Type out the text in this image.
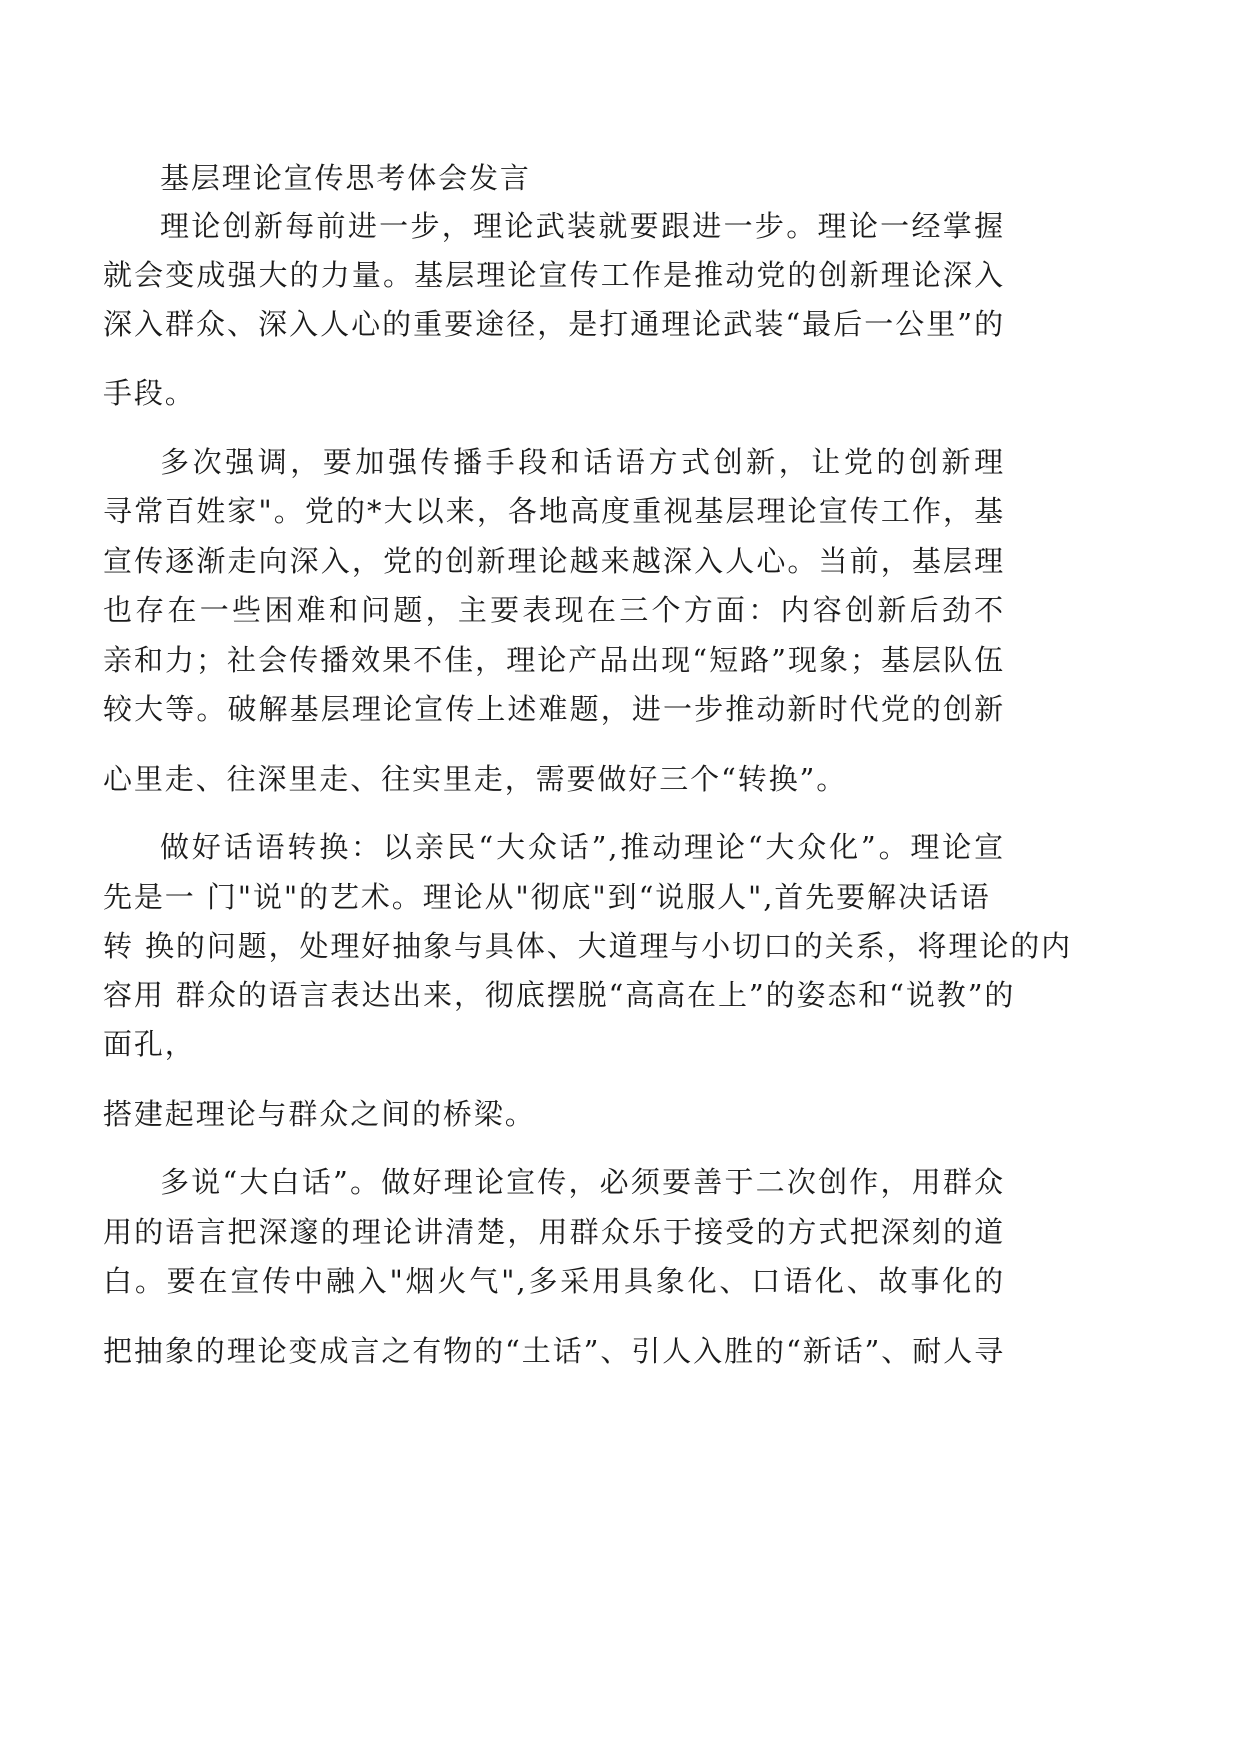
基层理论宣传思考体会发言
理论创新每前进一步，理论武装就要跟进一步。理论一经掌握
就会变成强大的力量。基层理论宣传工作是推动党的创新理论深入
深入群众、深入人心的重要途径，是打通理论武装“最后一公里”的
手段。
多次强调，要加强传播手段和话语方式创新，让党的创新理
寻常百姓家"。党的*大以来，各地高度重视基层理论宣传工作，基
宣传逐渐走向深入，党的创新理论越来越深入人心。当前，基层理
也存在一些困难和问题，主要表现在三个方面：内容创新后劲不
亲和力；社会传播效果不佳，理论产品出现“短路”现象；基层队伍
较大等。破解基层理论宣传上述难题，进一步推动新时代党的创新
心里走、往深里走、往实里走，需要做好三个“转换”。
做好话语转换：以亲民“大众话”,推动理论“大众化”。理论宣
先是一 门"说"的艺术。理论从"彻底"到“说服人",首先要解决话语
转 换的问题，处理好抽象与具体、大道理与小切口的关系，将理论的内
容用 群众的语言表达出来，彻底摆脱“高高在上”的姿态和“说教”的
面孔，
搭建起理论与群众之间的桥梁。
多说“大白话”。做好理论宣传，必须要善于二次创作，用群众
用的语言把深邃的理论讲清楚，用群众乐于接受的方式把深刻的道
白。要在宣传中融入"烟火气",多采用具象化、口语化、故事化的
把抽象的理论变成言之有物的“土话”、引人入胜的“新话”、耐人寻
